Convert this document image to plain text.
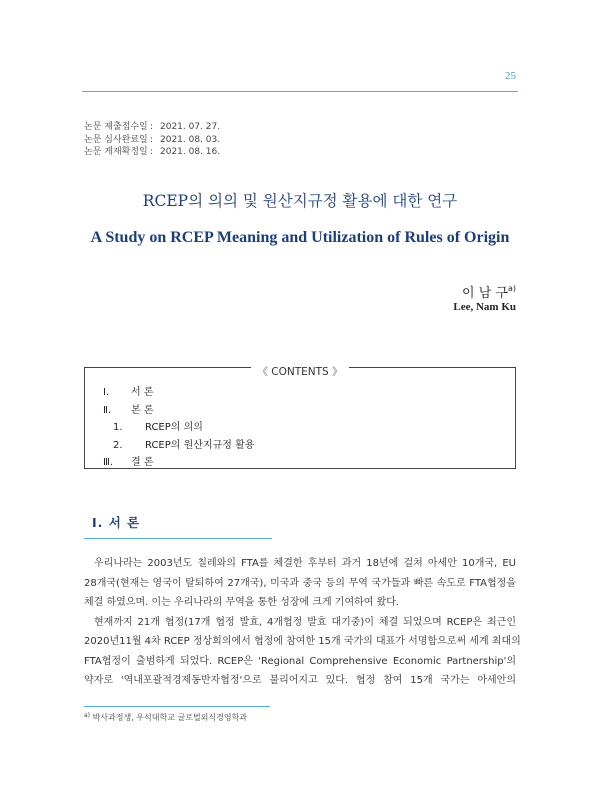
25
논문 제출접수일 : 2021. 07. 27.
논문 심사완료일 : 2021. 08. 03.
논문 게재확정일 : 2021. 08. 16.
RCEP의 의의 및 원산지규정 활용에 대한 연구
A Study on RCEP Meaning and Utilization of Rules of Origin
이 남 구$^{a)}$
Lee, Nam Ku
《 CONTENTS 》
Ⅰ. 서 론
Ⅱ. 본 론
1. RCEP의 의의
2. RCEP의 원산지규정 활용
Ⅲ. 결 론
Ⅰ. 서 론
우리나라는 2003년도 칠레와의 FTA를 체결한 후부터 과거 18년에 걸쳐 아세안 10개국, EU
28개국(현재는 영국이 탈퇴하여 27개국), 미국과 중국 등의 무역 국가들과 빠른 속도로 FTA협정을
체결 하였으며. 이는 우리나라의 무역을 통한 성장에 크게 기여하여 왔다.
현재까지 21개 협정(17개 협정 발효, 4개협정 발효 대기중)이 체결 되었으며 RCEP은 최근인
2020년11월 4차 RCEP 정상회의에서 협정에 참여한 15개 국가의 대표가 서명함으로써 세계 최대의
FTA협정이 출범하게 되었다. RCEP은 'Regional Comprehensive Economic Partnership'의
약자로 '역내포괄적경제동반자협정'으로 불리어지고 있다. 협정 참여 15개 국가는 아세안의
$^{a)}$ 박사과정생, 우석대학교 글로벌외식경영학과
